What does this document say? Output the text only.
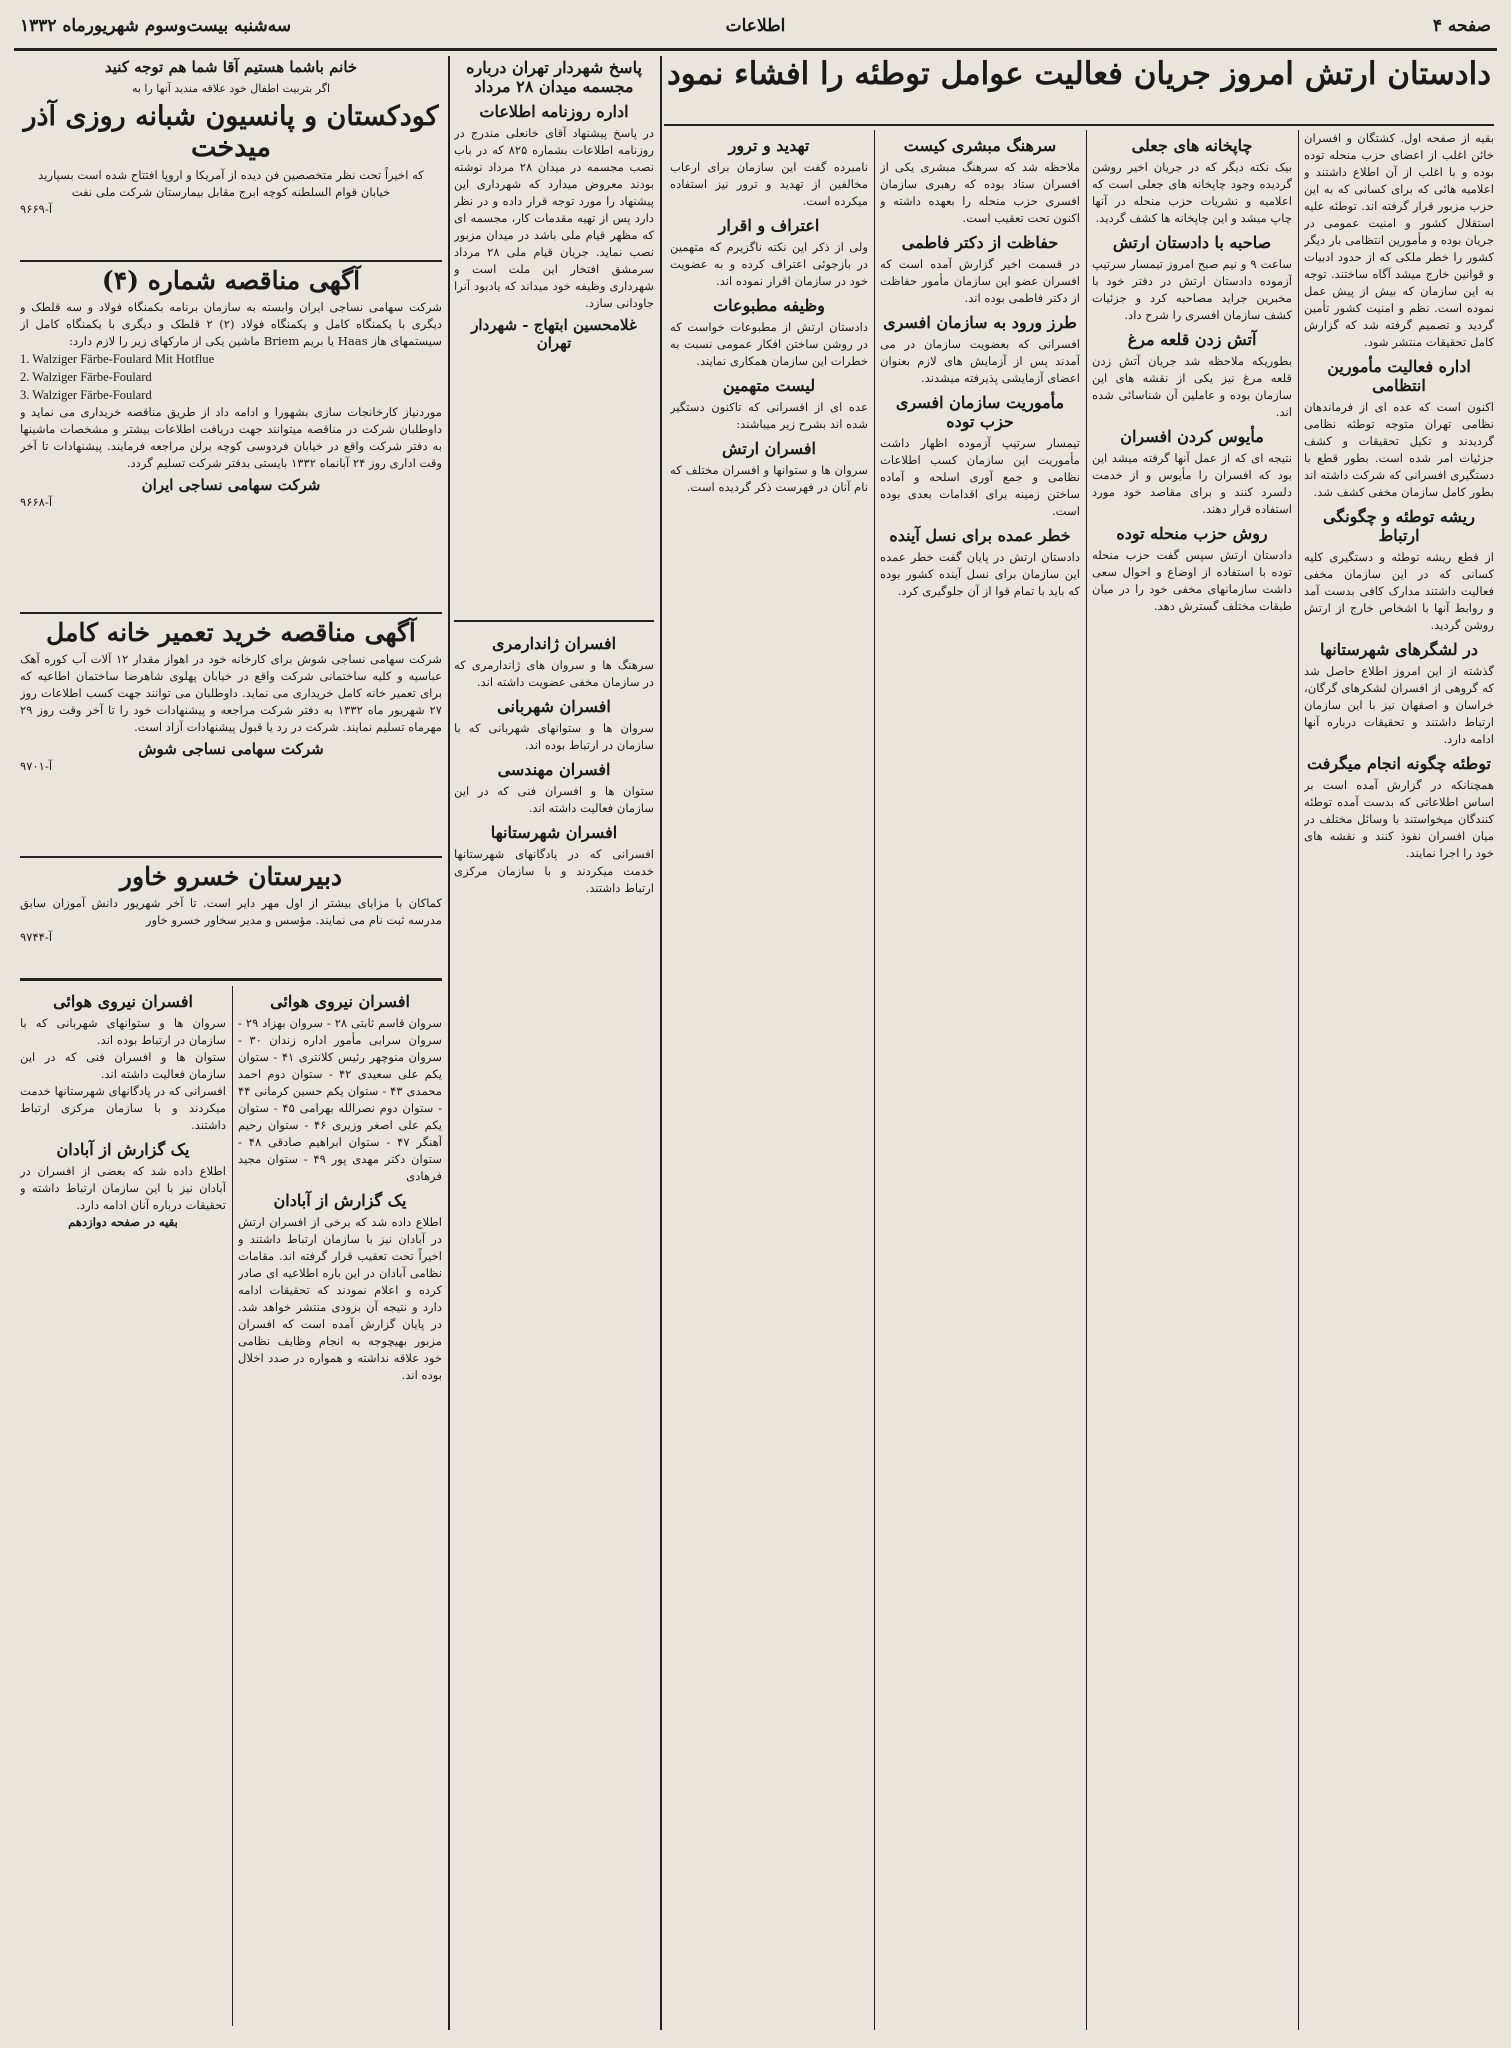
صفحه ۴
اطلاعات
سه‌شنبه بیست‌وسوم شهریورماه ۱۳۳۲
داد‌ستان ارتش امروز جریان فعالیت عوامل توطئه را افشاء نمود

بقیه از صفحه اول. کشتگان و افسران خائن اغلب از اعضای حزب منحله توده بوده و با اغلب از آن اطلاع داشتند و اعلامیه هائی که برای کسانی که به این حزب مزبور قرار گرفته اند. توطئه علیه استقلال کشور و امنیت عمومی در جریان بوده و مأمورین انتظامی بار دیگر کشور را خطر ملکی که از حدود ادبیات و قوانین خارج میشد آگاه ساختند. توجه به این سازمان که بیش از پیش عمل نموده است. نظم و امنیت کشور تأمین گردید و تصمیم گرفته شد که گزارش کامل تحقیقات منتشر شود.

اداره فعالیت مأمورین انتظامی

اکنون است که عده ای از فرماندهان نظامی تهران متوجه توطئه نظامی گردیدند و تکیل تحقیقات و کشف جزئیات امر شده است. بطور قطع با دستگیری افسرانی که شرکت داشته اند بطور کامل سازمان مخفی کشف شد.

ریشه توطئه و چگونگی ارتباط

از قطع ریشه توطئه و دستگیری کلیه کسانی که در این سازمان مخفی فعالیت داشتند مدارک کافی بدست آمد و روابط آنها با اشخاص خارج از ارتش روشن گردید.

در لشگرهای شهرستانها

گذشته از این امروز اطلاع حاصل شد که گروهی از افسران لشکرهای گرگان، خراسان و اصفهان نیز با این سازمان ارتباط داشتند و تحقیقات درباره آنها ادامه دارد.

توطئه چگونه انجام میگرفت

همچنانکه در گزارش آمده است بر اساس اطلاعاتی که بدست آمده توطئه کنندگان میخواستند با وسائل مختلف در میان افسران نفوذ کنند و نقشه های خود را اجرا نمایند.

چاپخانه های جعلی

بیک نکته دیگر که در جریان اخیر روشن گردیده وجود چاپخانه های جعلی است که اعلامیه و نشریات حزب منحله در آنها چاپ میشد و این چاپخانه ها کشف گردید.

صاحبه با دادستان ارتش

ساعت ۹ و نیم صبح امروز تیمسار سرتیپ آزموده دادستان ارتش در دفتر خود با مخبرین جراید مصاحبه کرد و جزئیات کشف سازمان افسری را شرح داد.

آتش زدن قلعه مرغ

بطوریکه ملاحظه شد جریان آتش زدن قلعه مرغ نیز یکی از نقشه های این سازمان بوده و عاملین آن شناسائی شده اند.

مأیوس کردن افسران

نتیجه ای که از عمل آنها گرفته میشد این بود که افسران را مأیوس و از خدمت دلسرد کنند و برای مقاصد خود مورد استفاده قرار دهند.

روش حزب منحله توده

دادستان ارتش سپس گفت حزب منحله توده با استفاده از اوضاع و احوال سعی داشت سازمانهای مخفی خود را در میان طبقات مختلف گسترش دهد.

سرهنگ مبشری کیست

ملاحظه شد که سرهنگ مبشری یکی از افسران ستاد بوده که رهبری سازمان افسری حزب منحله را بعهده داشته و اکنون تحت تعقیب است.

حفاظت از دکتر فاطمی

در قسمت اخیر گزارش آمده است که افسران عضو این سازمان مأمور حفاظت از دکتر فاطمی بوده اند.

طرز ورود به سازمان افسری

افسرانی که بعضویت سازمان در می آمدند پس از آزمایش های لازم بعنوان اعضای آزمایشی پذیرفته میشدند.

مأموریت سازمان افسری حزب توده

تیمسار سرتیپ آزموده اظهار داشت مأموریت این سازمان کسب اطلاعات نظامی و جمع آوری اسلحه و آماده ساختن زمینه برای اقدامات بعدی بوده است.

خطر عمده برای نسل آینده

دادستان ارتش در پایان گفت خطر عمده این سازمان برای نسل آینده کشور بوده که باید با تمام قوا از آن جلوگیری کرد.

تهدید و ترور

نامبرده گفت این سازمان برای ارعاب مخالفین از تهدید و ترور نیز استفاده میکرده است.

اعتراف و اقرار

ولی از ذکر این نکته ناگزیرم که متهمین در بازجوئی اعتراف کرده و به عضویت خود در سازمان اقرار نموده اند.

وظیفه مطبوعات

دادستان ارتش از مطبوعات خواست که در روشن ساختن افکار عمومی نسبت به خطرات این سازمان همکاری نمایند.

لیست متهمین

عده ای از افسرانی که تاکنون دستگیر شده اند بشرح زیر میباشند:

افسران ارتش

سروان ها و ستوانها و افسران مختلف که نام آنان در فهرست ذکر گردیده است.

پاسخ شهردار تهران درباره مجسمه میدان ۲۸ مرداد
اداره روزنامه اطلاعات

در پاسخ پیشنهاد آقای خانعلی مندرج در روزنامه اطلاعات بشماره ۸۲۵ که در باب نصب مجسمه در میدان ۲۸ مرداد نوشته بودند معروض میدارد که شهرداری این پیشنهاد را مورد توجه قرار داده و در نظر دارد پس از تهیه مقدمات کار، مجسمه ای که مظهر قیام ملی باشد در میدان مزبور نصب نماید. جریان قیام ملی ۲۸ مرداد سرمشق افتخار این ملت است و شهرداری وظیفه خود میداند که یادبود آنرا جاودانی سازد.

غلامحسین ابتهاج - شهردار تهران
افسران ژاندارمری

سرهنگ ها و سروان های ژاندارمری که در سازمان مخفی عضویت داشته اند.

افسران شهربانی

سروان ها و ستوانهای شهربانی که با سازمان در ارتباط بوده اند.

افسران مهندسی

ستوان ها و افسران فنی که در این سازمان فعالیت داشته اند.

افسران شهرستانها

افسرانی که در پادگانهای شهرستانها خدمت میکردند و با سازمان مرکزی ارتباط داشتند.

خانم باشما هستیم آقا شما هم توجه کنید
اگر بتربیت اطفال خود علاقه مندید آنها را به
کودکستان و پانسیون شبانه روزی آذر میدخت

که اخیراً تحت نظر متخصصین فن دیده از آمریکا و اروپا افتتاح شده است بسپارید

خیابان قوام السلطنه کوچه ابرج مقابل بیمارستان شرکت ملی نفت

آ-۹۶۶۹
آگهی مناقصه شماره (۴)

شرکت سهامی نساجی ایران وابسته به سازمان برنامه بکمنگاه فولاد و سه قلطک و دیگری با یکمنگاه کامل و یکمنگاه فولاد (۲) ۲ قلطک و دیگری با یکمنگاه کامل از سیستمهای هاز Haas یا بریم Briem ماشین یکی از مارکهای زیر را لازم دارد:

1. Walziger Färbe-Foulard Mit Hotflue
2. Walziger Färbe-Foulard
3. Walziger Färbe-Foulard

موردنیاز کارخانجات سازی بشهورا و ادامه داد از طریق مناقصه خریداری می نماید و داوطلبان شرکت در مناقصه میتوانند جهت دریافت اطلاعات بیشتر و مشخصات ماشینها به دفتر شرکت واقع در خیابان فردوسی کوچه برلن مراجعه فرمایند. پیشنهادات تا آخر وقت اداری روز ۲۴ آبانماه ۱۳۳۲ بایستی بدفتر شرکت تسلیم گردد.

شرکت سهامی نساجی ایران
آ-۹۶۶۸
آگهی مناقصه خرید تعمیر خانه کامل

شرکت سهامی نساجی شوش برای کارخانه خود در اهواز مقدار ۱۲ آلات آب کوره آهک عباسیه و کلیه ساختمانی شرکت واقع در خیابان پهلوی شاهرضا ساختمان اطاعیه که برای تعمیر خانه کامل خریداری می نماید. داوطلبان می توانند جهت کسب اطلاعات روز ۲۷ شهریور ماه ۱۳۳۲ به دفتر شرکت مراجعه و پیشنهادات خود را تا آخر وقت روز ۲۹ مهرماه تسلیم نمایند. شرکت در رد یا قبول پیشنهادات آزاد است.

شرکت سهامی نساجی شوش
آ-۹۷۰۱
دبیرستان خسرو خاور

کماکان با مزایای بیشتر از اول مهر دایر است. تا آخر شهریور دانش آموزان سابق مدرسه ثبت نام می نمایند. مؤسس و مدیر سخاور خسرو خاور

آ-۹۷۴۴
افسران نیروی هوائی

سروان قاسم ثابتی ۲۸ - سروان بهزاد ۲۹ - سروان سرابی مأمور اداره زندان ۳۰ - سروان منوچهر رئیس کلانتری ۴۱ - ستوان یکم علی سعیدی ۴۲ - ستوان دوم احمد محمدی ۴۳ - ستوان یکم حسین کرمانی ۴۴ - ستوان دوم نصرالله بهرامی ۴۵ - ستوان یکم علی اصغر وزیری ۴۶ - ستوان رحیم آهنگر ۴۷ - ستوان ابراهیم صادقی ۴۸ - ستوان دکتر مهدی پور ۴۹ - ستوان مجید فرهادی

یک گزارش از آبادان

اطلاع داده شد که برخی از افسران ارتش در آبادان نیز با سازمان ارتباط داشتند و اخیراً تحت تعقیب قرار گرفته اند. مقامات نظامی آبادان در این باره اطلاعیه ای صادر کرده و اعلام نمودند که تحقیقات ادامه دارد و نتیجه آن بزودی منتشر خواهد شد. در پایان گزارش آمده است که افسران مزبور بهیچوجه به انجام وظایف نظامی خود علاقه نداشته و همواره در صدد اخلال بوده اند.

افسران نیروی هوائی

سروان ها و ستوانهای شهربانی که با سازمان در ارتباط بوده اند.

ستوان ها و افسران فنی که در این سازمان فعالیت داشته اند.

افسرانی که در پادگانهای شهرستانها خدمت میکردند و با سازمان مرکزی ارتباط داشتند.

یک گزارش از آبادان

اطلاع داده شد که بعضی از افسران در آبادان نیز با این سازمان ارتباط داشته و تحقیقات درباره آنان ادامه دارد.

بقیه در صفحه دوازدهم
